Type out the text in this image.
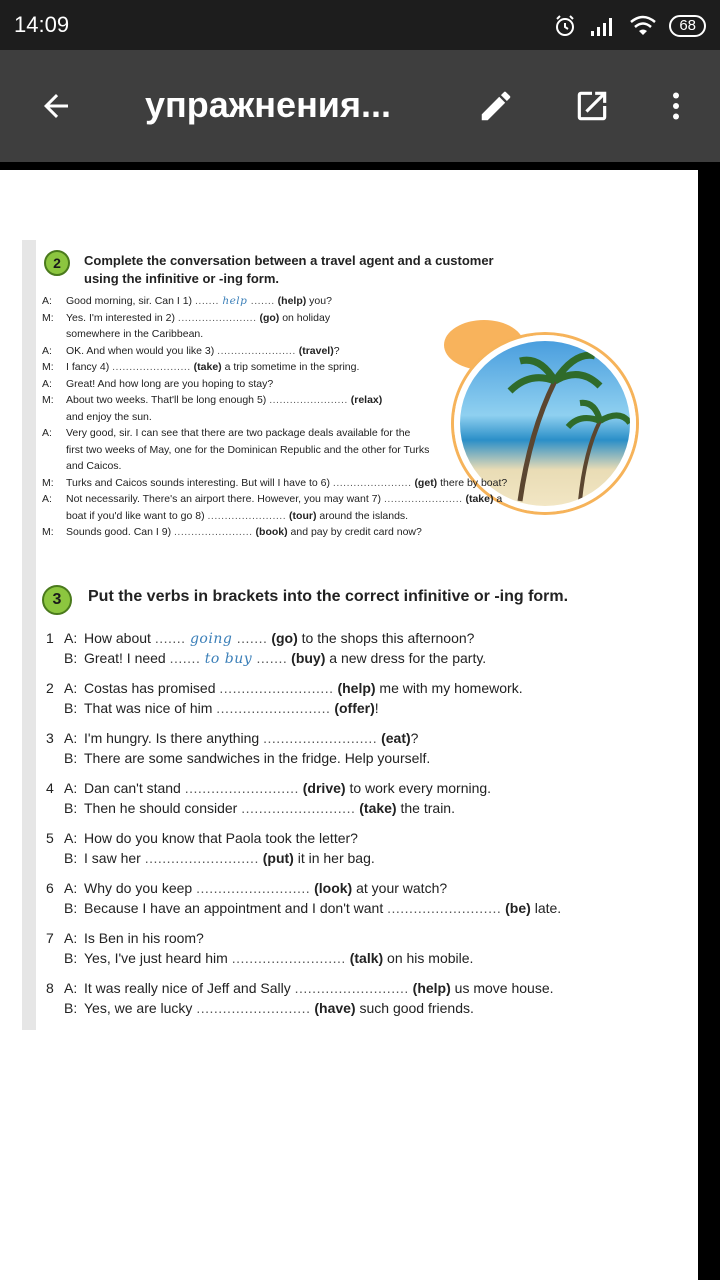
14:09	68
упражнения...
2	Complete the conversation between a travel agent and a customer
using the infinitive or -ing form.
A: Good morning, sir. Can I 1) ....... help ....... (help) you?
M: Yes. I'm interested in 2) ....................... (go) on holiday
somewhere in the Caribbean.
A: OK. And when would you like 3) ....................... (travel)?
M: I fancy 4) ....................... (take) a trip sometime in the spring.
A: Great! And how long are you hoping to stay?
M: About two weeks. That'll be long enough 5) ....................... (relax)
and enjoy the sun.
A: Very good, sir. I can see that there are two package deals available for the
first two weeks of May, one for the Dominican Republic and the other for Turks
and Caicos.
M: Turks and Caicos sounds interesting. But will I have to 6) ....................... (get) there by boat?
A: Not necessarily. There's an airport there. However, you may want 7) ....................... (take) a
boat if you'd like want to go 8) ....................... (tour) around the islands.
M: Sounds good. Can I 9) ....................... (book) and pay by credit card now?
3	Put the verbs in brackets into the correct infinitive or -ing form.
1 A: How about ....... going ....... (go) to the shops this afternoon?
B: Great! I need ....... to buy ....... (buy) a new dress for the party.
2 A: Costas has promised .......................... (help) me with my homework.
B: That was nice of him .......................... (offer)!
3 A: I'm hungry. Is there anything .......................... (eat)?
B: There are some sandwiches in the fridge. Help yourself.
4 A: Dan can't stand .......................... (drive) to work every morning.
B: Then he should consider .......................... (take) the train.
5 A: How do you know that Paola took the letter?
B: I saw her .......................... (put) it in her bag.
6 A: Why do you keep .......................... (look) at your watch?
B: Because I have an appointment and I don't want .......................... (be) late.
7 A: Is Ben in his room?
B: Yes, I've just heard him .......................... (talk) on his mobile.
8 A: It was really nice of Jeff and Sally .......................... (help) us move house.
B: Yes, we are lucky .......................... (have) such good friends.
